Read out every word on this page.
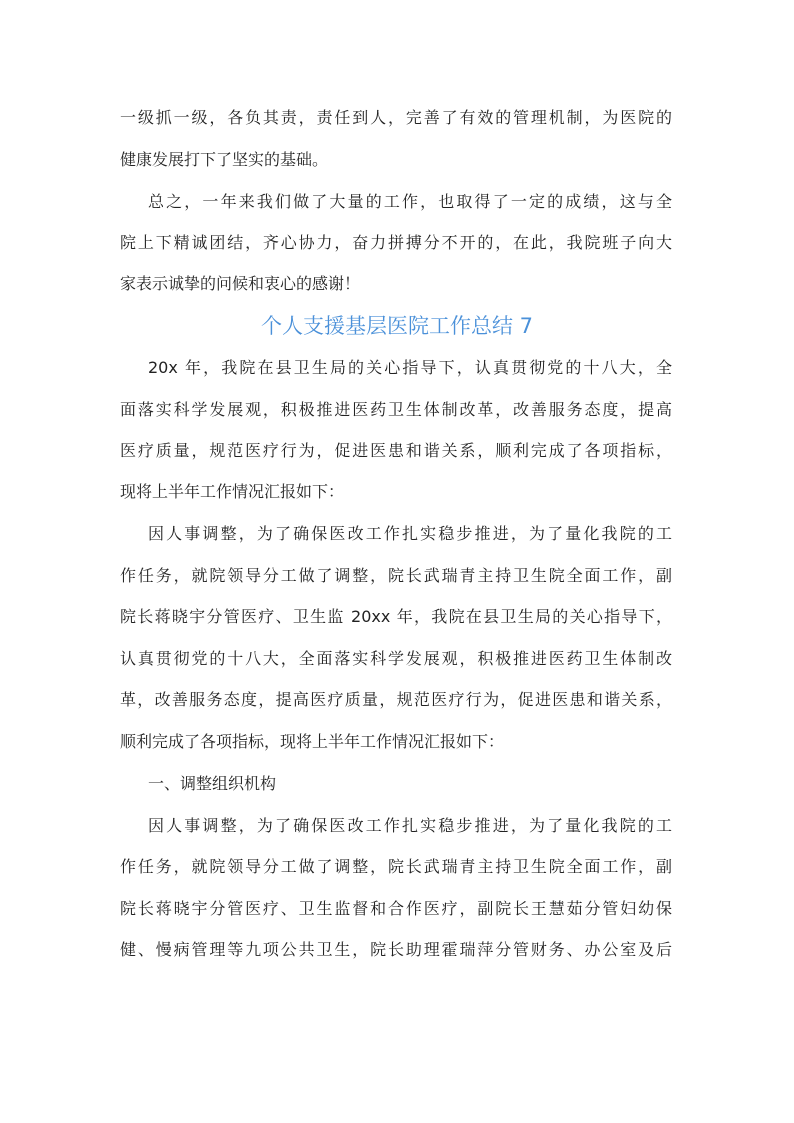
一级抓一级，各负其责，责任到人，完善了有效的管理机制，为医院的
健康发展打下了坚实的基础。
总之，一年来我们做了大量的工作，也取得了一定的成绩，这与全
院上下精诚团结，齐心协力，奋力拼搏分不开的，在此，我院班子向大
家表示诚挚的问候和衷心的感谢！
个人支援基层医院工作总结 7
20x 年，我院在县卫生局的关心指导下，认真贯彻党的十八大，全
面落实科学发展观，积极推进医药卫生体制改革，改善服务态度，提高
医疗质量，规范医疗行为，促进医患和谐关系，顺利完成了各项指标，
现将上半年工作情况汇报如下：
因人事调整，为了确保医改工作扎实稳步推进，为了量化我院的工
作任务，就院领导分工做了调整，院长武瑞青主持卫生院全面工作，副
院长蒋晓宇分管医疗、卫生监 20xx 年，我院在县卫生局的关心指导下，
认真贯彻党的十八大，全面落实科学发展观，积极推进医药卫生体制改
革，改善服务态度，提高医疗质量，规范医疗行为，促进医患和谐关系，
顺利完成了各项指标，现将上半年工作情况汇报如下：
一、调整组织机构
因人事调整，为了确保医改工作扎实稳步推进，为了量化我院的工
作任务，就院领导分工做了调整，院长武瑞青主持卫生院全面工作，副
院长蒋晓宇分管医疗、卫生监督和合作医疗，副院长王慧茹分管妇幼保
健、慢病管理等九项公共卫生，院长助理霍瑞萍分管财务、办公室及后
